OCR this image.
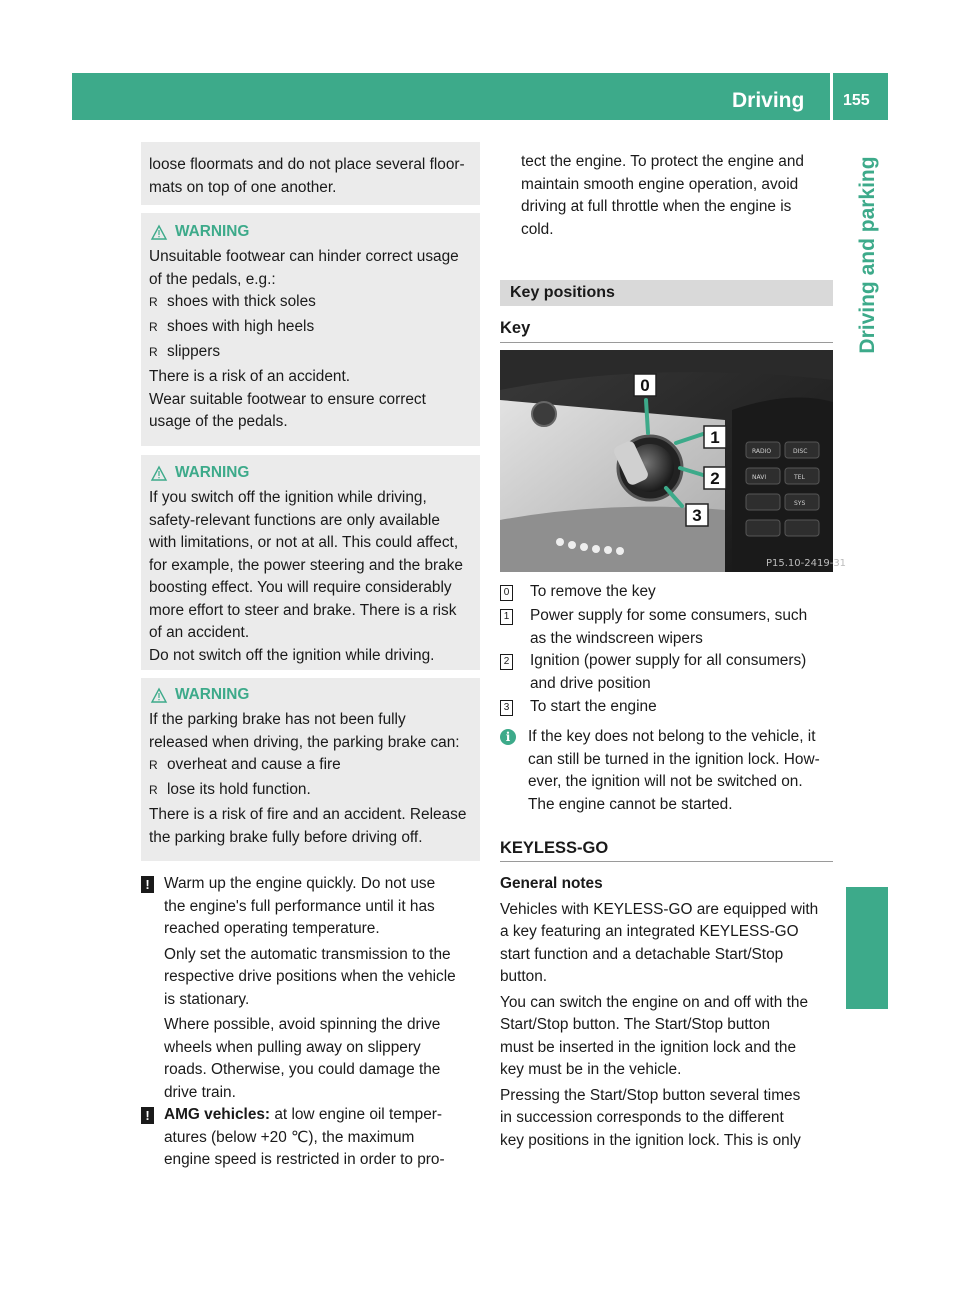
Driving 155
Driving and parking

loose floormats and do not place several floor-

mats on top of one another.

WARNING

Unsuitable footwear can hinder correct usage

of the pedals, e.g.:

R shoes with thick soles
R shoes with high heels
R slippers

There is a risk of an accident.

Wear suitable footwear to ensure correct

usage of the pedals.

WARNING

If you switch off the ignition while driving,

safety-relevant functions are only available

with limitations, or not at all. This could affect,

for example, the power steering and the brake

boosting effect. You will require considerably

more effort to steer and brake. There is a risk

of an accident.

Do not switch off the ignition while driving.

WARNING

If the parking brake has not been fully

released when driving, the parking brake can:

R overheat and cause a fire
R lose its hold function.

There is a risk of fire and an accident. Release

the parking brake fully before driving off.

! Warm up the engine quickly. Do not use

the engine's full performance until it has

reached operating temperature.

Only set the automatic transmission to the

respective drive positions when the vehicle

is stationary.

Where possible, avoid spinning the drive

wheels when pulling away on slippery

roads. Otherwise, you could damage the

drive train.

! AMG vehicles: at low engine oil temper-

atures (below +20 ℃), the maximum

engine speed is restricted in order to pro-

tect the engine. To protect the engine and

maintain smooth engine operation, avoid

driving at full throttle when the engine is

cold.

Key positions
Key
RADIO	DISC
NAVI	TEL
SYS
0
1
2
3
P15.10-2419-31
0 To remove the key
1 Power supply for some consumers, such
as the windscreen wipers
2 Ignition (power supply for all consumers)
and drive position
3 To start the engine
i	If the key does not belong to the vehicle, it
can still be turned in the ignition lock. How-
ever, the ignition will not be switched on.
The engine cannot be started.
KEYLESS-GO

General notes

Vehicles with KEYLESS-GO are equipped with

a key featuring an integrated KEYLESS-GO

start function and a detachable Start/Stop

button.

You can switch the engine on and off with the

Start/Stop button. The Start/Stop button

must be inserted in the ignition lock and the

key must be in the vehicle.

Pressing the Start/Stop button several times

in succession corresponds to the different

key positions in the ignition lock. This is only
